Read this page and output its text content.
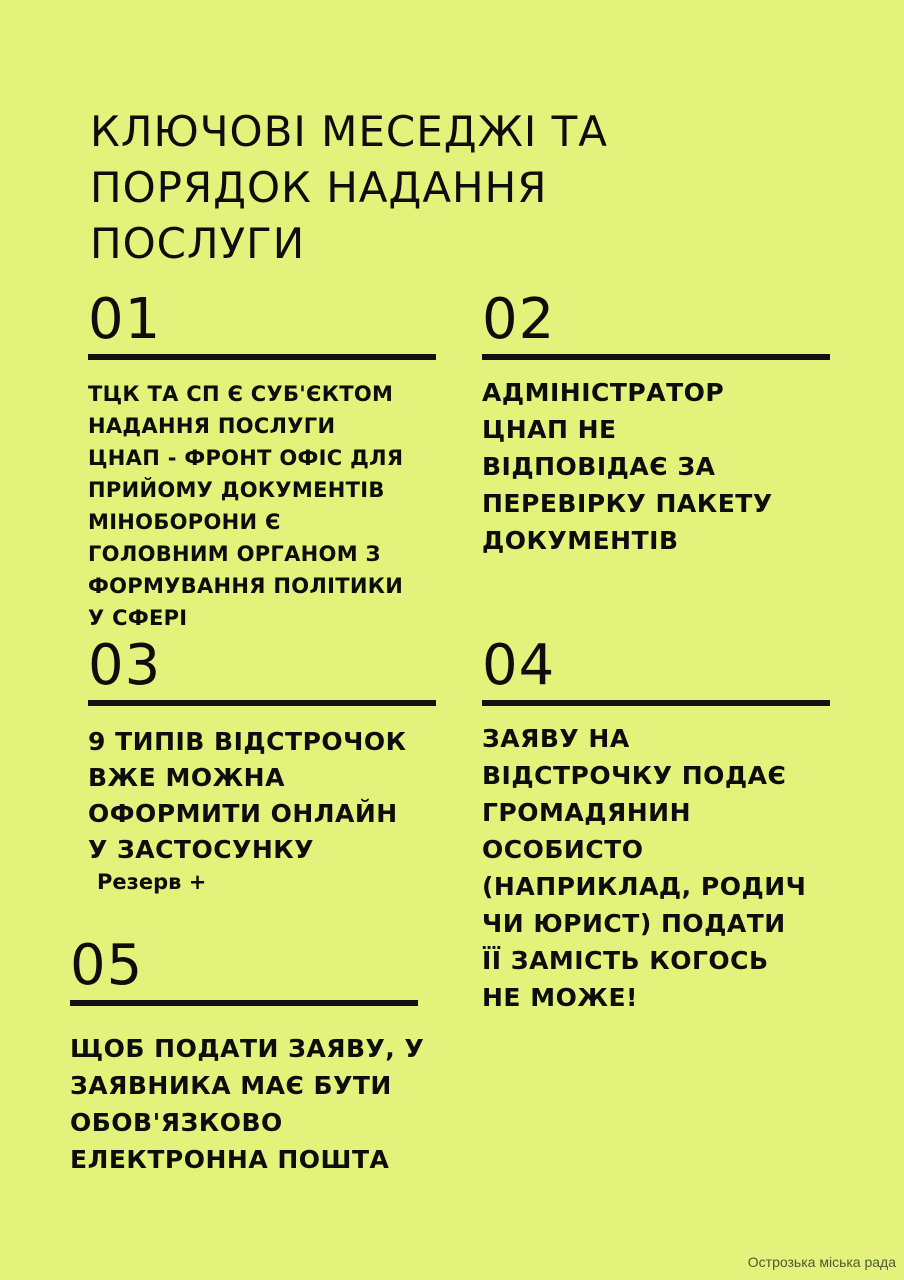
КЛЮЧОВІ МЕСЕДЖІ ТА
ПОРЯДОК НАДАННЯ
ПОСЛУГИ
01
ТЦК ТА СП Є СУБ'ЄКТОМ
НАДАННЯ ПОСЛУГИ
ЦНАП - ФРОНТ ОФІС ДЛЯ
ПРИЙОМУ ДОКУМЕНТІВ
МІНОБОРОНИ Є
ГОЛОВНИМ ОРГАНОМ З
ФОРМУВАННЯ ПОЛІТИКИ
У СФЕРІ
02
АДМІНІСТРАТОР
ЦНАП НЕ
ВІДПОВІДАЄ ЗА
ПЕРЕВІРКУ ПАКЕТУ
ДОКУМЕНТІВ
03
9 ТИПІВ ВІДСТРОЧОК
ВЖЕ МОЖНА
ОФОРМИТИ ОНЛАЙН
У ЗАСТОСУНКУ
Резерв +
04
ЗАЯВУ НА
ВІДСТРОЧКУ ПОДАЄ
ГРОМАДЯНИН
ОСОБИСТО
(НАПРИКЛАД, РОДИЧ
ЧИ ЮРИСТ) ПОДАТИ
ЇЇ ЗАМІСТЬ КОГОСЬ
НЕ МОЖЕ!
05
ЩОБ ПОДАТИ ЗАЯВУ, У
ЗАЯВНИКА МАЄ БУТИ
ОБОВ'ЯЗКОВО
ЕЛЕКТРОННА ПОШТА
Острозька міська рада
